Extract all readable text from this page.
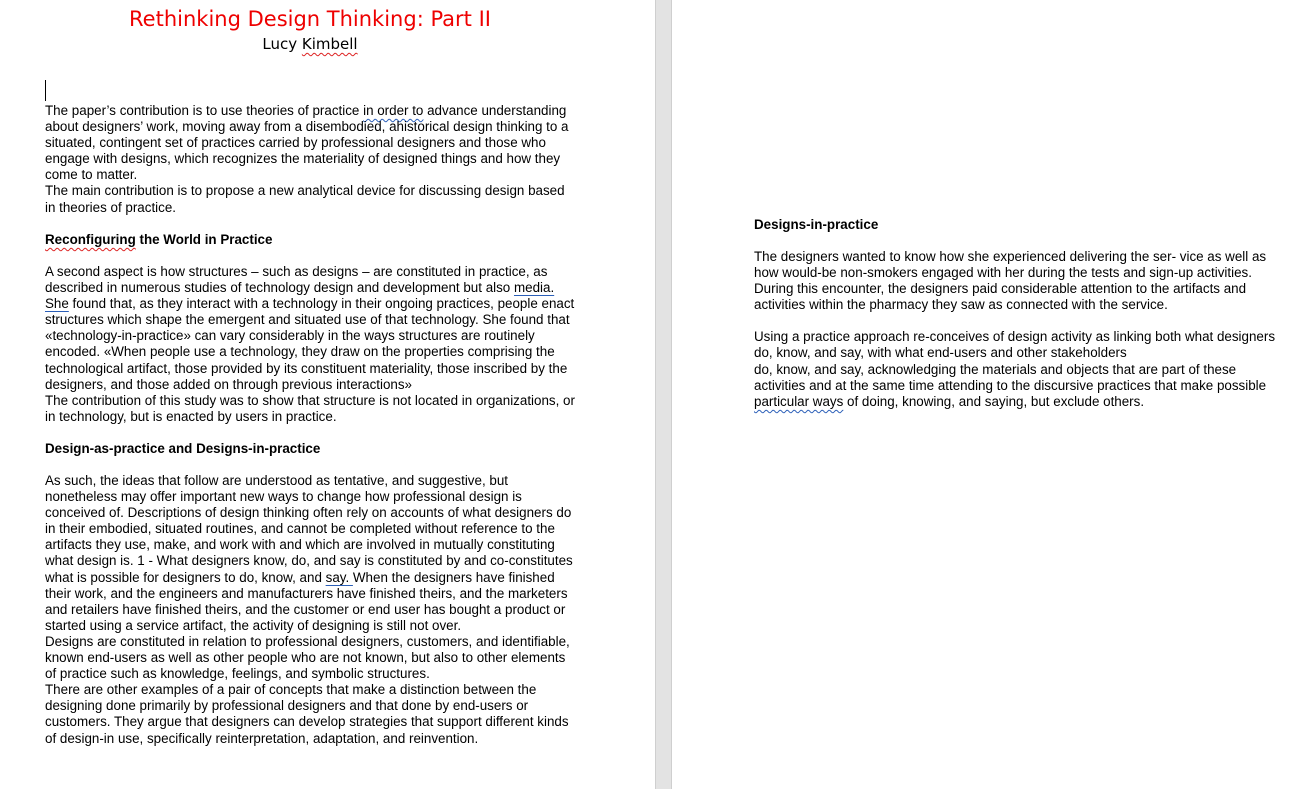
Rethinking Design Thinking: Part II
Lucy Kimbell

The paper’s contribution is to use theories of practice in order to advance understanding about designers’ work, moving away from a disembodied, ahistorical design thinking to a situated, contingent set of practices carried by professional designers and those who engage with designs, which recognizes the materiality of designed things and how they come to matter.

The main contribution is to propose a new analytical device for discussing design based in theories of practice.

Reconfiguring the World in Practice

A second aspect is how structures – such as designs – are constituted in practice, as described in numerous studies of technology design and development but also media. She found that, as they interact with a technology in their ongoing practices, people enact structures which shape the emergent and situated use of that technology. She found that «technology-in-practice» can vary considerably in the ways structures are routinely encoded. «When people use a technology, they draw on the properties comprising the technological artifact, those provided by its constituent materiality, those inscribed by the designers, and those added on through previous interactions»

The contribution of this study was to show that structure is not located in organizations, or in technology, but is enacted by users in practice.

Design-as-practice and Designs-in-practice

As such, the ideas that follow are understood as tentative, and suggestive, but nonetheless may offer important new ways to change how professional design is conceived of. Descriptions of design thinking often rely on accounts of what designers do in their embodied, situated routines, and cannot be completed without reference to the artifacts they use, make, and work with and which are involved in mutually constituting what design is. 1 - What designers know, do, and say is constituted by and co-constitutes what is possible for designers to do, know, and say. When the designers have finished their work, and the engineers and manufacturers have finished theirs, and the marketers and retailers have finished theirs, and the customer or end user has bought a product or started using a service artifact, the activity of designing is still not over.

Designs are constituted in relation to professional designers, customers, and identifiable, known end-users as well as other people who are not known, but also to other elements of practice such as knowledge, feelings, and symbolic structures.

There are other examples of a pair of concepts that make a distinction between the designing done primarily by professional designers and that done by end-users or customers. They argue that designers can develop strategies that support different kinds of design-in use, specifically reinterpretation, adaptation, and reinvention.

Designs-in-practice

The designers wanted to know how she experienced delivering the ser- vice as well as how would-be non-smokers engaged with her during the tests and sign-up activities. During this encounter, the designers paid considerable attention to the artifacts and activities within the pharmacy they saw as connected with the service.

Using a practice approach re-conceives of design activity as linking both what designers do, know, and say, with what end-users and other stakeholders
do, know, and say, acknowledging the materials and objects that are part of these activities and at the same time attending to the discursive practices that make possible particular ways of doing, knowing, and saying, but exclude others.
